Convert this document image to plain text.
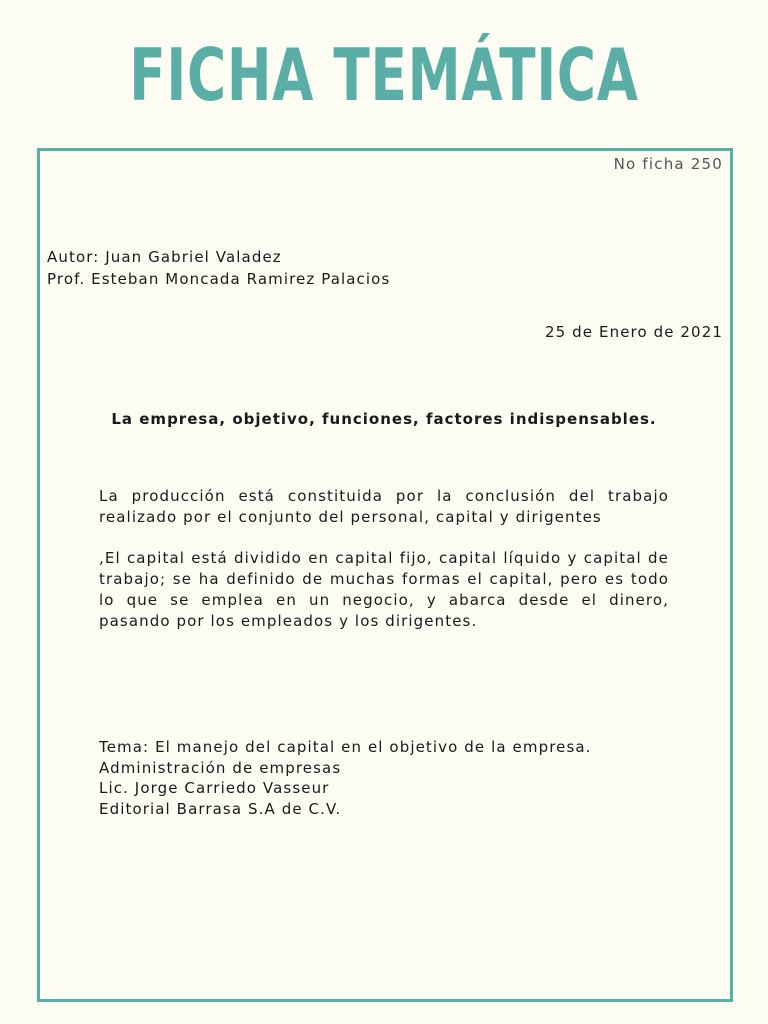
FICHA TEMÁTICA
No ficha 250
Autor: Juan Gabriel Valadez
Prof. Esteban Moncada Ramirez Palacios
25 de Enero de 2021
La empresa, objetivo, funciones, factores indispensables.
La producción está constituida por la conclusión del trabajo realizado por el conjunto del personal, capital y dirigentes
,El capital está dividido en capital fijo, capital líquido y capital de trabajo; se ha definido de muchas formas el capital, pero es todo lo que se emplea en un negocio, y abarca desde el dinero, pasando por los empleados y los dirigentes.
Tema: El manejo del capital en el objetivo de la empresa.
Administración de empresas
Lic. Jorge Carriedo Vasseur
Editorial Barrasa S.A de C.V.
